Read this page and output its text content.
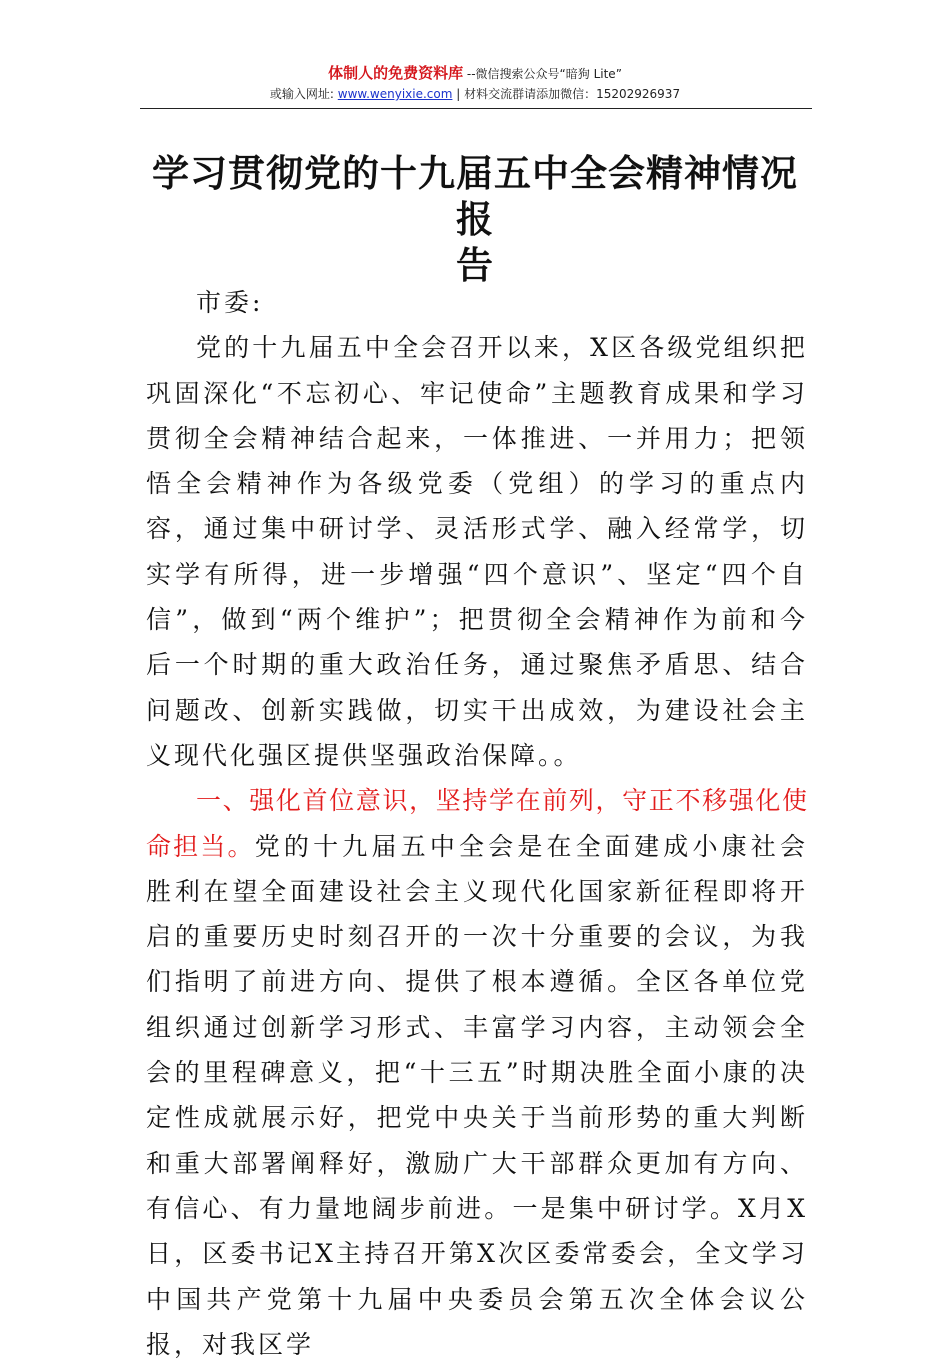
体制人的免费资料库 --微信搜索公众号“暗狗 Lite”
或输入网址: www.wenyixie.com | 材料交流群请添加微信：15202926937
学习贯彻党的十九届五中全会精神情况报
告

市委:

党的十九届五中全会召开以来，X区各级党组织把巩固深化“不忘初心、牢记使命”主题教育成果和学习贯彻全会精神结合起来，一体推进、一并用力；把领悟全会精神作为各级党委（党组）的学习的重点内容，通过集中研讨学、灵活形式学、融入经常学，切实学有所得，进一步增强“四个意识”、坚定“四个自信”，做到“两个维护”；把贯彻全会精神作为前和今后一个时期的重大政治任务，通过聚焦矛盾思、结合问题改、创新实践做，切实干出成效，为建设社会主义现代化强区提供坚强政治保障。。

一、强化首位意识，坚持学在前列，守正不移强化使命担当。党的十九届五中全会是在全面建成小康社会胜利在望全面建设社会主义现代化国家新征程即将开启的重要历史时刻召开的一次十分重要的会议，为我们指明了前进方向、提供了根本遵循。全区各单位党组织通过创新学习形式、丰富学习内容，主动领会全会的里程碑意义，把“十三五”时期决胜全面小康的决定性成就展示好，把党中央关于当前形势的重大判断和重大部署阐释好，激励广大干部群众更加有方向、有信心、有力量地阔步前进。一是集中研讨学。X月X日，区委书记X主持召开第X次区委常委会，全文学习中国共产党第十九届中央委员会第五次全体会议公报，对我区学
